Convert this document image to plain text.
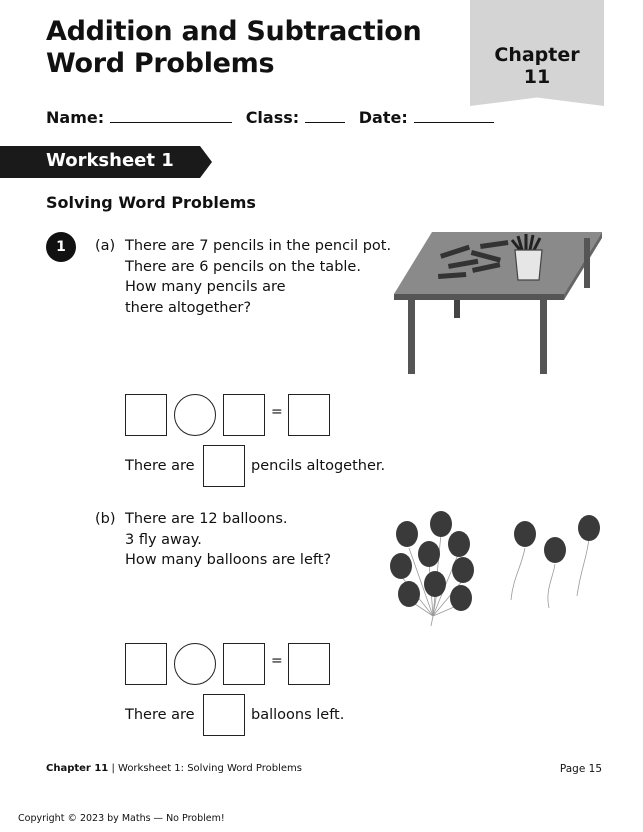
Addition and Subtraction
Word Problems	Chapter
11
Name:	Class:	Date:
Worksheet 1
Solving Word Problems
1	(a) There are 7 pencils in the pencil pot.
There are 6 pencils on the table.
How many pencils are
there altogether?
=
There are	pencils altogether.
(b) There are 12 balloons.
3 fly away.
How many balloons are left?
=
There are	balloons left.
Chapter 11 | Worksheet 1: Solving Word Problems	Page 15
Copyright © 2023 by Maths — No Problem!
